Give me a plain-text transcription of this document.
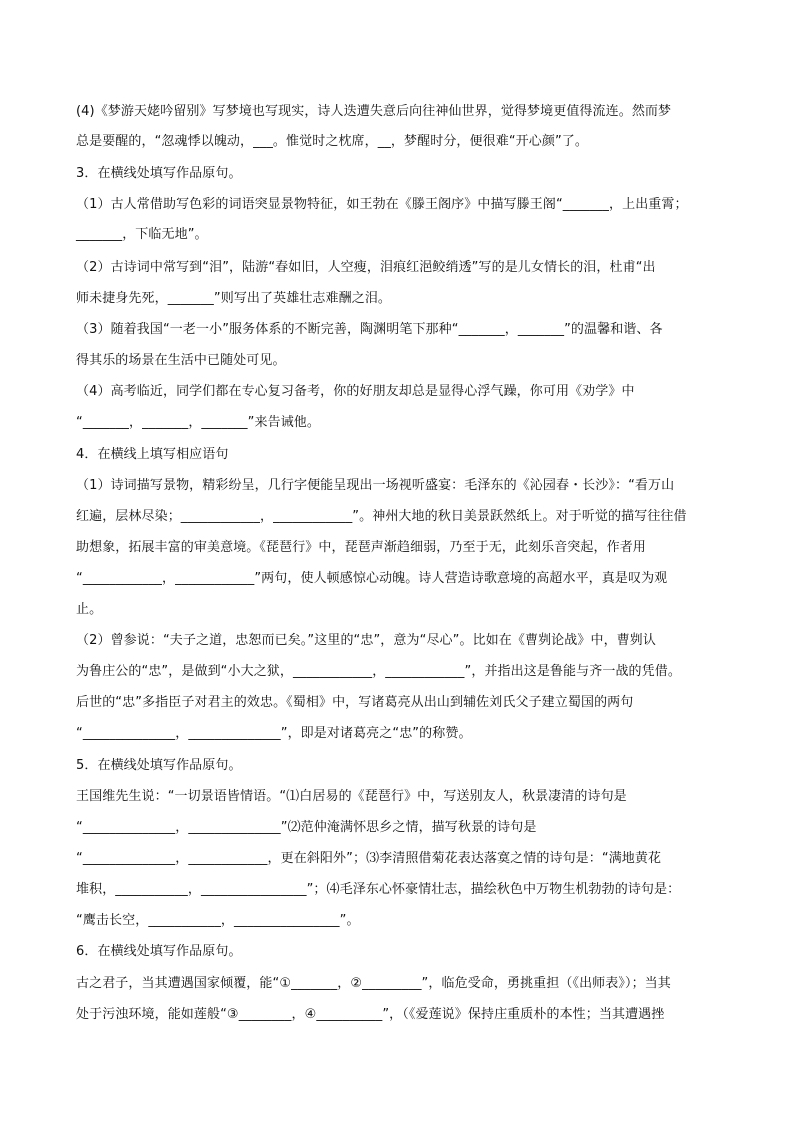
(4)《梦游天姥吟留别》写梦境也写现实，诗人迭遭失意后向往神仙世界，觉得梦境更值得流连。然而梦
总是要醒的，“忽魂悸以魄动，___。惟觉时之枕席，__，梦醒时分，便很难“开心颜”了。
3．在横线处填写作品原句。
（1）古人常借助写色彩的词语突显景物特征，如王勃在《滕王阁序》中描写滕王阁“_______，上出重霄；
_______，下临无地”。
（2）古诗词中常写到“泪”，陆游“春如旧，人空瘦，泪痕红浥鲛绡透”写的是儿女情长的泪，杜甫“出
师未捷身先死，_______”则写出了英雄壮志难酬之泪。
（3）随着我国“一老一小”服务体系的不断完善，陶渊明笔下那种“_______，_______”的温馨和谐、各
得其乐的场景在生活中已随处可见。
（4）高考临近，同学们都在专心复习备考，你的好朋友却总是显得心浮气躁，你可用《劝学》中
“_______，_______，_______”来告诫他。
4．在横线上填写相应语句
（1）诗词描写景物，精彩纷呈，几行字便能呈现出一场视听盛宴：毛泽东的《沁园春・长沙》：“看万山
红遍，层林尽染；____________，____________”。神州大地的秋日美景跃然纸上。对于听觉的描写往往借
助想象，拓展丰富的审美意境。《琵琶行》中，琵琶声渐趋细弱，乃至于无，此刻乐音突起，作者用
“____________，____________”两句，使人顿感惊心动魄。诗人营造诗歌意境的高超水平，真是叹为观
止。
（2）曾参说：“夫子之道，忠恕而已矣。”这里的“忠”，意为“尽心”。比如在《曹刿论战》中，曹刿认
为鲁庄公的“忠”，是做到“小大之狱，____________，____________”，并指出这是鲁能与齐一战的凭借。
后世的“忠”多指臣子对君主的效忠。《蜀相》中，写诸葛亮从出山到辅佐刘氏父子建立蜀国的两句
“______________，______________”，即是对诸葛亮之“忠”的称赞。
5．在横线处填写作品原句。
王国维先生说：“一切景语皆情语。“⑴白居易的《琵琶行》中，写送别友人，秋景凄清的诗句是
“______________，______________”⑵范仲淹满怀思乡之情，描写秋景的诗句是
“______________，____________，更在斜阳外”；⑶李清照借菊花表达落寞之情的诗句是：“满地黄花
堆积，___________，________________”；⑷毛泽东心怀豪情壮志，描绘秋色中万物生机勃勃的诗句是：
“鹰击长空，___________，________________”。
6．在横线处填写作品原句。
古之君子，当其遭遇国家倾覆，能“①_______，②_________”，临危受命，勇挑重担（《出师表》）；当其
处于污浊环境，能如莲般“③________，④__________”，（《爱莲说》保持庄重质朴的本性；当其遭遇挫
